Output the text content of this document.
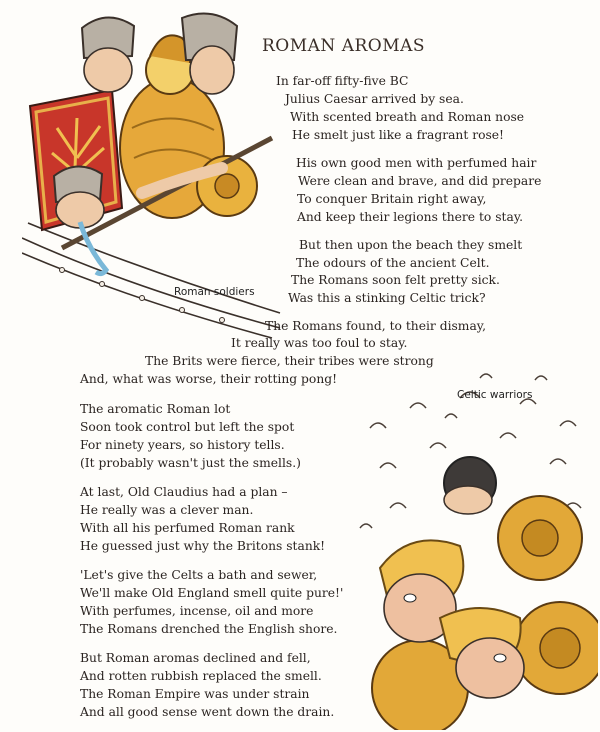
ROMAN AROMAS
Roman soldiers
Celtic warriors
In far-off fifty-five BC
Julius Caesar arrived by sea.
With scented breath and Roman nose
He smelt just like a fragrant rose!
His own good men with perfumed hair
Were clean and brave, and did prepare
To conquer Britain right away,
And keep their legions there to stay.
But then upon the beach they smelt
The odours of the ancient Celt.
The Romans soon felt pretty sick.
Was this a stinking Celtic trick?
The Romans found, to their dismay,
It really was too foul to stay.
The Brits were fierce, their tribes were strong
And, what was worse, their rotting pong!
The aromatic Roman lot
Soon took control but left the spot
For ninety years, so history tells.
(It probably wasn't just the smells.)
At last, Old Claudius had a plan –
He really was a clever man.
With all his perfumed Roman rank
He guessed just why the Britons stank!
'Let's give the Celts a bath and sewer,
We'll make Old England smell quite pure!'
With perfumes, incense, oil and more
The Romans drenched the English shore.
But Roman aromas declined and fell,
And rotten rubbish replaced the smell.
The Roman Empire was under strain
And all good sense went down the drain.
